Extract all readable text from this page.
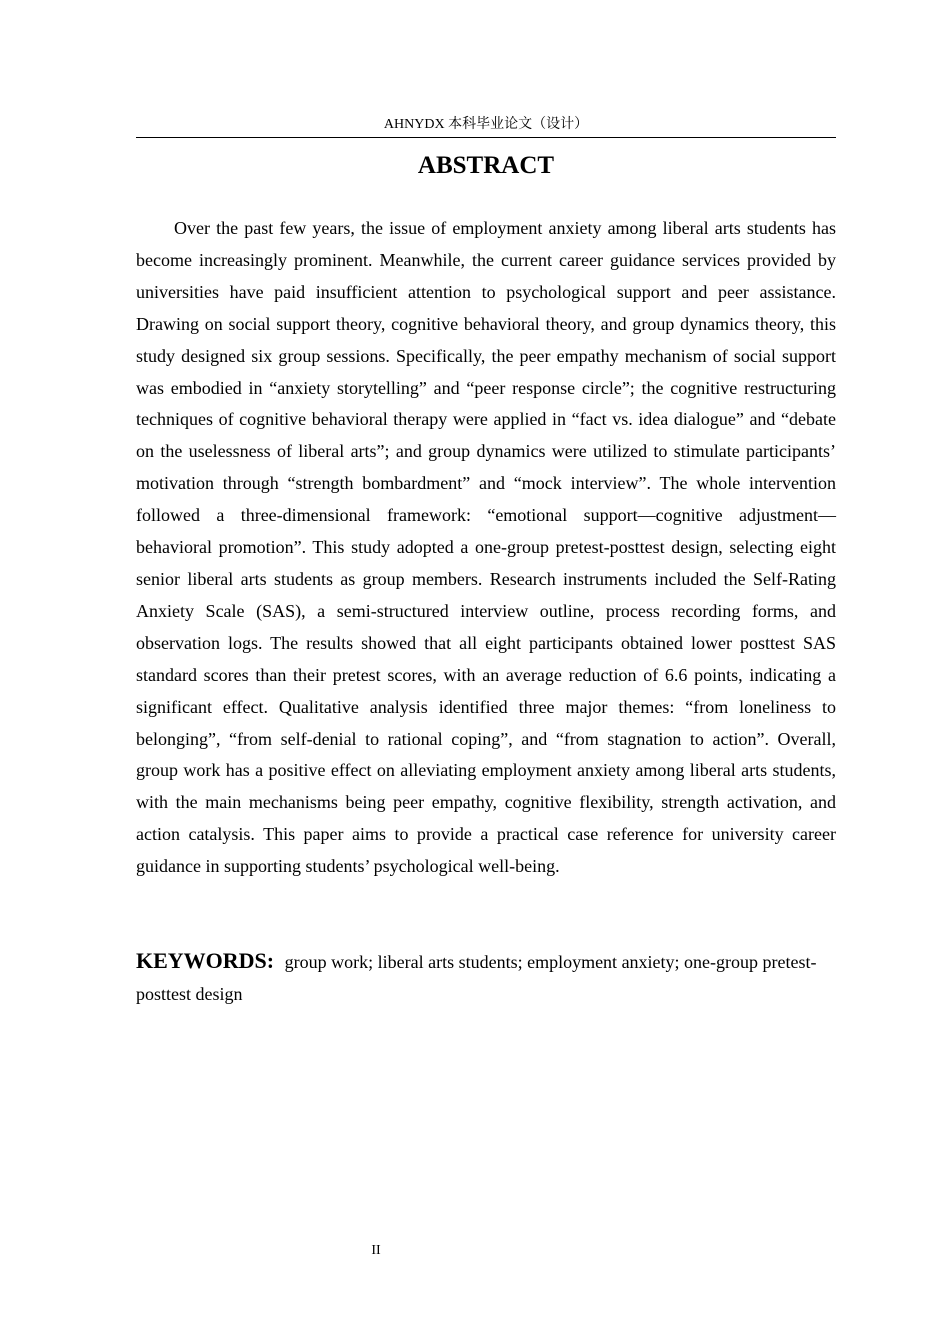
AHNYDX 本科毕业论文（设计）
ABSTRACT

Over the past few years, the issue of employment anxiety among liberal arts students has become increasingly prominent. Meanwhile, the current career guidance services provided by universities have paid insufficient attention to psychological support and peer assistance. Drawing on social support theory, cognitive behavioral theory, and group dynamics theory, this study designed six group sessions. Specifically, the peer empathy mechanism of social support was embodied in “anxiety storytelling” and “peer response circle”; the cognitive restructuring techniques of cognitive behavioral therapy were applied in “fact vs. idea dialogue” and “debate on the uselessness of liberal arts”; and group dynamics were utilized to stimulate participants’ motivation through “strength bombardment” and “mock interview”. The whole intervention followed a three-dimensional framework: “emotional support—cognitive adjustment—behavioral promotion”. This study adopted a one-group pretest-posttest design, selecting eight senior liberal arts students as group members. Research instruments included the Self-Rating Anxiety Scale (SAS), a semi-structured interview outline, process recording forms, and observation logs. The results showed that all eight participants obtained lower posttest SAS standard scores than their pretest scores, with an average reduction of 6.6 points, indicating a significant effect. Qualitative analysis identified three major themes: “from loneliness to belonging”, “from self-denial to rational coping”, and “from stagnation to action”. Overall, group work has a positive effect on alleviating employment anxiety among liberal arts students, with the main mechanisms being peer empathy, cognitive flexibility, strength activation, and action catalysis. This paper aims to provide a practical case reference for university career guidance in supporting students’ psychological well-being.

KEYWORDS: group work; liberal arts students; employment anxiety; one-group pretest-posttest design

II
